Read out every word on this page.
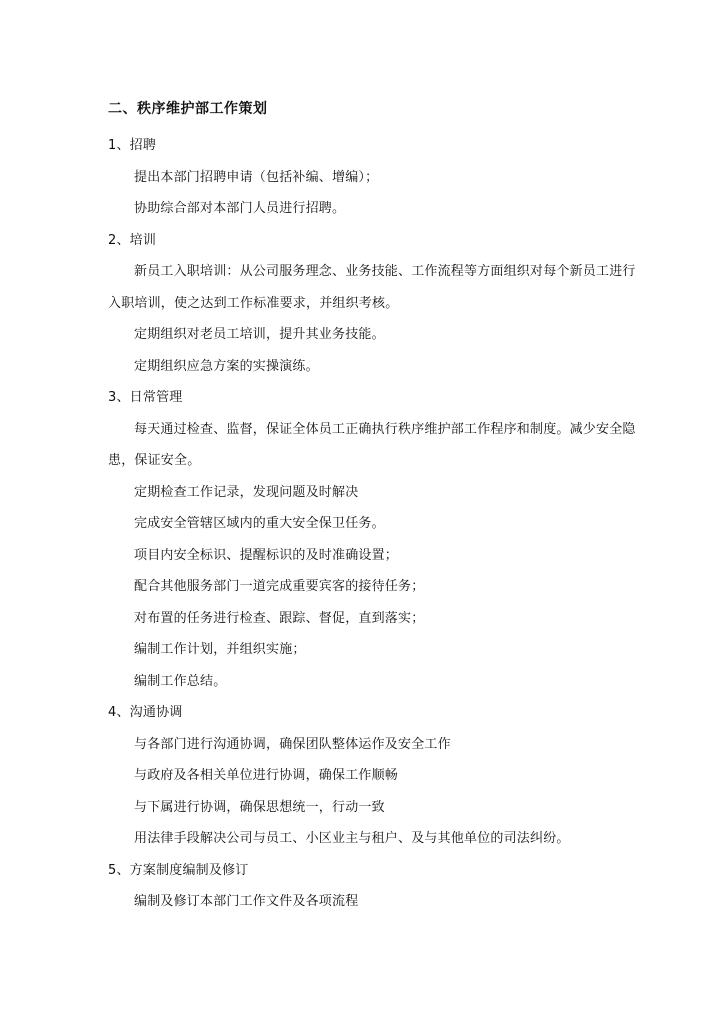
二、秩序维护部工作策划
1、招聘
提出本部门招聘申请（包括补编、增编）；
协助综合部对本部门人员进行招聘。
2、培训
新员工入职培训：从公司服务理念、业务技能、工作流程等方面组织对每个新员工进行
入职培训，使之达到工作标准要求，并组织考核。
定期组织对老员工培训，提升其业务技能。
定期组织应急方案的实操演练。
3、日常管理
每天通过检查、监督，保证全体员工正确执行秩序维护部工作程序和制度。减少安全隐
患，保证安全。
定期检查工作记录，发现问题及时解决
完成安全管辖区域内的重大安全保卫任务。
项目内安全标识、提醒标识的及时准确设置；
配合其他服务部门一道完成重要宾客的接待任务；
对布置的任务进行检查、跟踪、督促，直到落实；
编制工作计划，并组织实施；
编制工作总结。
4、沟通协调
与各部门进行沟通协调，确保团队整体运作及安全工作
与政府及各相关单位进行协调，确保工作顺畅
与下属进行协调，确保思想统一，行动一致
用法律手段解决公司与员工、小区业主与租户、及与其他单位的司法纠纷。
5、方案制度编制及修订
编制及修订本部门工作文件及各项流程
